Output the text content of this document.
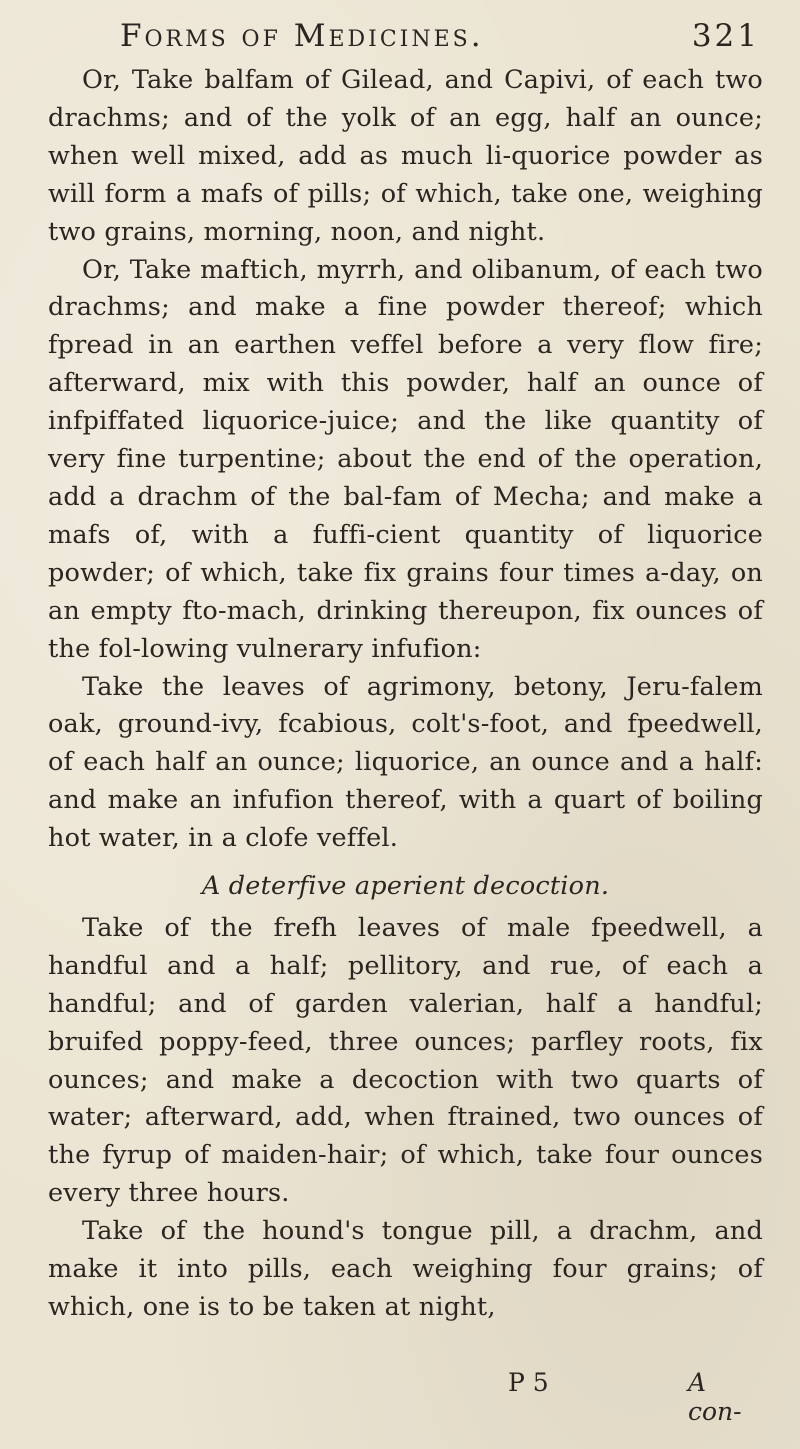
Forms of Medicines.	321

Or, Take balfam of Gilead, and Capivi, of each two drachms; and of the yolk of an egg, half an ounce; when well mixed, add as much li-quorice powder as will form a mafs of pills; of which, take one, weighing two grains, morning, noon, and night.

Or, Take maftich, myrrh, and olibanum, of each two drachms; and make a fine powder thereof; which fpread in an earthen veffel before a very flow fire; afterward, mix with this powder, half an ounce of infpiffated liquorice-juice; and the like quantity of very fine turpentine; about the end of the operation, add a drachm of the bal-fam of Mecha; and make a mafs of, with a fuffi-cient quantity of liquorice powder; of which, take fix grains four times a-day, on an empty fto-mach, drinking thereupon, fix ounces of the fol-lowing vulnerary infufion:

Take the leaves of agrimony, betony, Jeru-falem oak, ground-ivy, fcabious, colt's-foot, and fpeedwell, of each half an ounce; liquorice, an ounce and a half: and make an infufion thereof, with a quart of boiling hot water, in a clofe veffel.

A deterfive aperient decoction.

Take of the frefh leaves of male fpeedwell, a handful and a half; pellitory, and rue, of each a handful; and of garden valerian, half a handful; bruifed poppy-feed, three ounces; parfley roots, fix ounces; and make a decoction with two quarts of water; afterward, add, when ftrained, two ounces of the fyrup of maiden-hair; of which, take four ounces every three hours.

Take of the hound's tongue pill, a drachm, and make it into pills, each weighing four grains; of which, one is to be taken at night,

P 5	A con-
